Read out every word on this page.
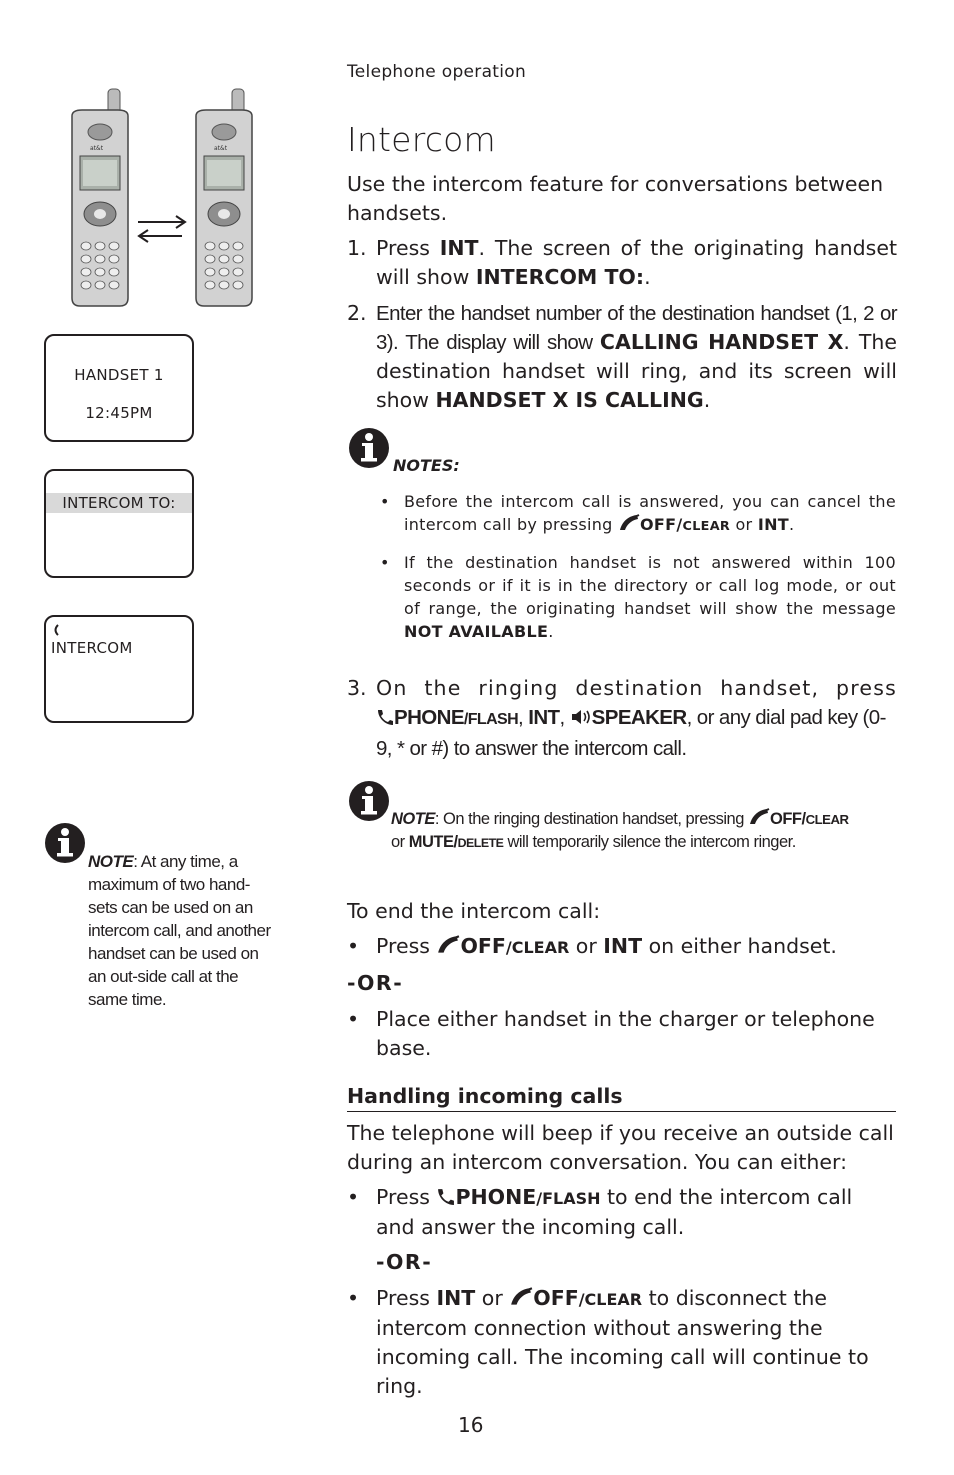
Telephone operation
Intercom
Use the intercom feature for conversations between handsets.
1. Press INT. The screen of the originating handset will show INTERCOM TO:.
2. Enter the handset number of the destination handset (1, 2 or 3). The display will show CALLING HANDSET X. The destination handset will ring, and its screen will show HANDSET X IS CALLING.
NOTES:
• Before the intercom call is answered, you can cancel the intercom call by pressing OFF/CLEAR or INT.
• If the destination handset is not answered within 100 seconds or if it is in the directory or call log mode, or out of range, the originating handset will show the message NOT AVAILABLE.
3. On the ringing destination handset, press
PHONE/FLASH, INT, SPEAKER, or any dial pad key (0-9, * or #) to answer the intercom call.
NOTE: On the ringing destination handset, pressing OFF/CLEAR
or MUTE/DELETE will temporarily silence the intercom ringer.
To end the intercom call:
• Press OFF/CLEAR or INT on either handset.
-OR-
• Place either handset in the charger or telephone base.
Handling incoming calls
The telephone will beep if you receive an outside call during an intercom conversation. You can either:
• Press PHONE/FLASH to end the intercom call and answer the incoming call.
-OR-
• Press INT or OFF/CLEAR to disconnect the intercom connection without answering the incoming call. The incoming call will continue to ring.
at&t	at&t
HANDSET 1
12:45PM
INTERCOM TO:
INTERCOM
NOTE: At any time, a maximum of two hand-sets can be used on an intercom call, and another handset can be used on an out-side call at the same time.
16
